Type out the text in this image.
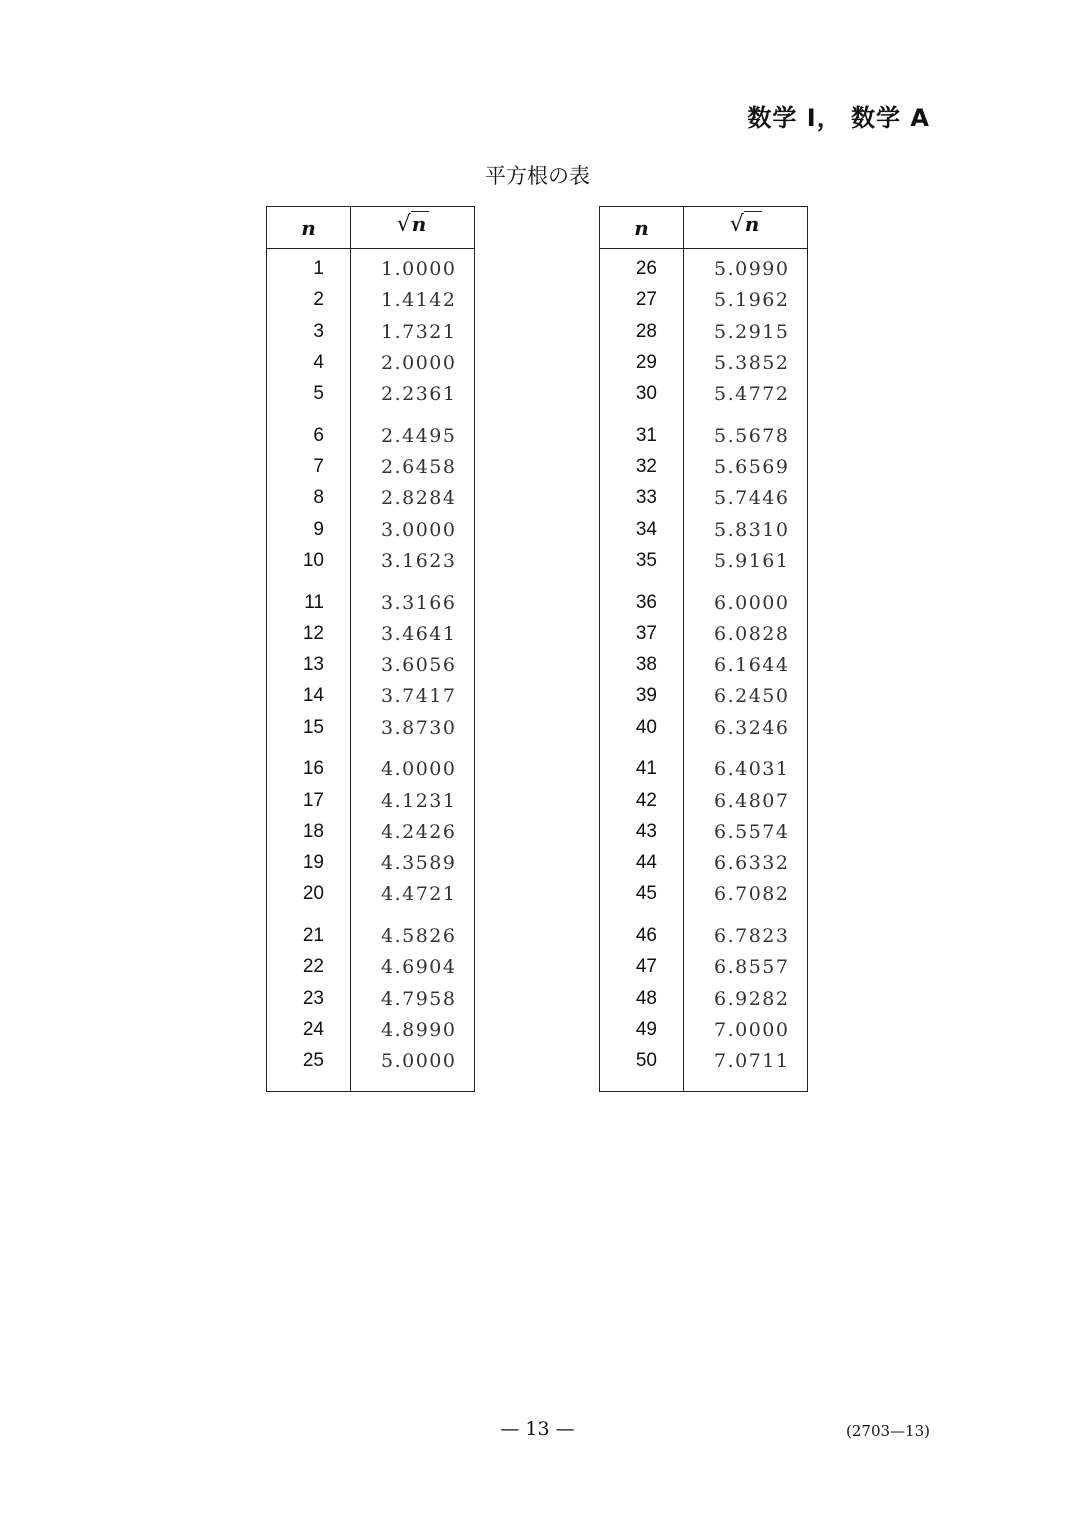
数学 I， 数学 A
平方根の表
n	√n
1	1.0000
2	1.4142
3	1.7321
4	2.0000
5	2.2361
6	2.4495
7	2.6458
8	2.8284
9	3.0000
10	3.1623
11	3.3166
12	3.4641
13	3.6056
14	3.7417
15	3.8730
16	4.0000
17	4.1231
18	4.2426
19	4.3589
20	4.4721
21	4.5826
22	4.6904
23	4.7958
24	4.8990
25	5.0000
n	√n
26	5.0990
27	5.1962
28	5.2915
29	5.3852
30	5.4772
31	5.5678
32	5.6569
33	5.7446
34	5.8310
35	5.9161
36	6.0000
37	6.0828
38	6.1644
39	6.2450
40	6.3246
41	6.4031
42	6.4807
43	6.5574
44	6.6332
45	6.7082
46	6.7823
47	6.8557
48	6.9282
49	7.0000
50	7.0711
— 13 —	(2703—13)
